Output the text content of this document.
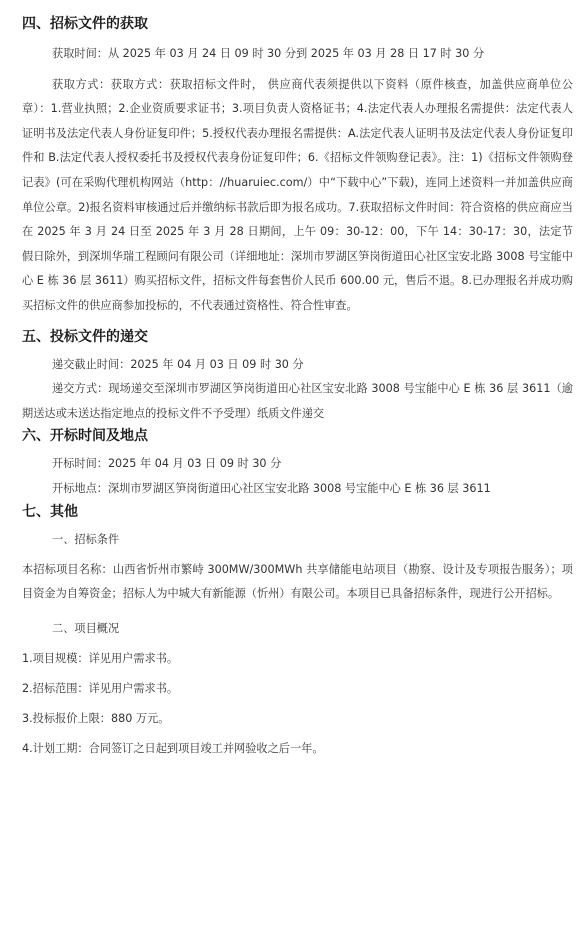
四、招标文件的获取

获取时间：从 2025 年 03 月 24 日 09 时 30 分到 2025 年 03 月 28 日 17 时 30 分

获取方式：获取方式：获取招标文件时， 供应商代表须提供以下资料（原件核查，加盖供应商单位公章）：1.营业执照；2.企业资质要求证书；3.项目负责人资格证书；4.法定代表人办理报名需提供：法定代表人证明书及法定代表人身份证复印件；5.授权代表办理报名需提供：A.法定代表人证明书及法定代表人身份证复印件和 B.法定代表人授权委托书及授权代表身份证复印件；6.《招标文件领购登记表》。注：1)《招标文件领购登记表》(可在采购代理机构网站（http：//huaruiec.com/）中“下载中心”下载)，连同上述资料一并加盖供应商单位公章。2)报名资料审核通过后并缴纳标书款后即为报名成功。7.获取招标文件时间：符合资格的供应商应当在 2025 年 3 月 24 日至 2025 年 3 月 28 日期间，上午 09：30-12：00，下午 14：30-17：30，法定节假日除外，到深圳华瑞工程顾问有限公司（详细地址：深圳市罗湖区笋岗街道田心社区宝安北路 3008 号宝能中心 E 栋 36 层 3611）购买招标文件，招标文件每套售价人民币 600.00 元，售后不退。8.已办理报名并成功购买招标文件的供应商参加投标的，不代表通过资格性、符合性审查。

五、投标文件的递交

递交截止时间：2025 年 04 月 03 日 09 时 30 分

递交方式：现场递交至深圳市罗湖区笋岗街道田心社区宝安北路 3008 号宝能中心 E 栋 36 层 3611（逾期送达或未送达指定地点的投标文件不予受理）纸质文件递交

六、开标时间及地点

开标时间：2025 年 04 月 03 日 09 时 30 分

开标地点：深圳市罗湖区笋岗街道田心社区宝安北路 3008 号宝能中心 E 栋 36 层 3611

七、其他

一、招标条件

本招标项目名称：山西省忻州市繁峙 300MW/300MWh 共享储能电站项目（勘察、设计及专项报告服务）；项目资金为自筹资金；招标人为中城大有新能源（忻州）有限公司。本项目已具备招标条件，现进行公开招标。

二、项目概况

1.项目规模：详见用户需求书。

2.招标范围：详见用户需求书。

3.投标报价上限：880 万元。

4.计划工期：合同签订之日起到项目竣工并网验收之后一年。
